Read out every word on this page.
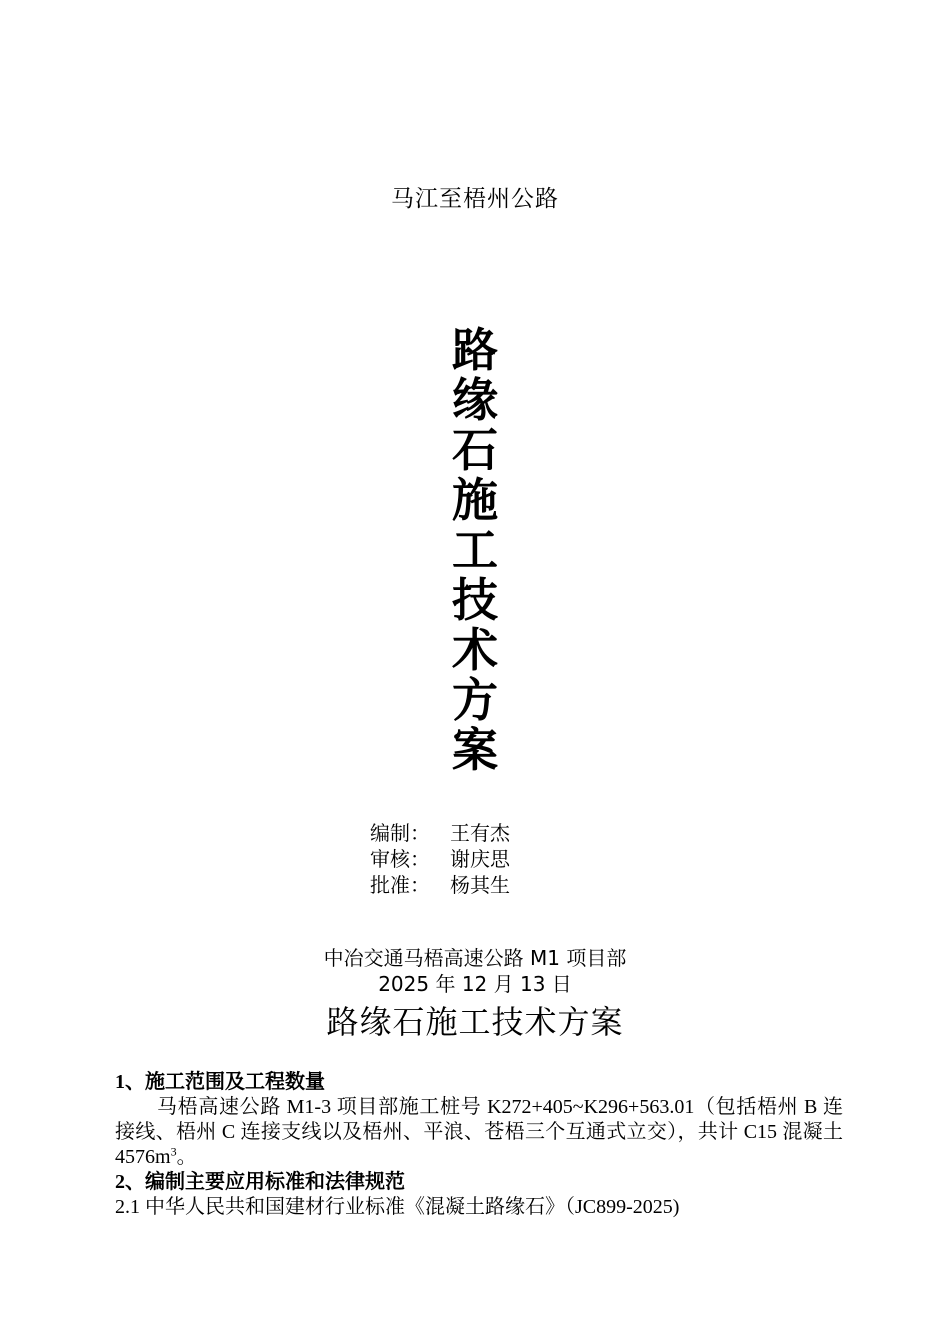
马江至梧州公路
路
缘
石
施
工
技
术
方
案
编制：	王有杰
审核：	谢庆思
批准：	杨其生
中冶交通马梧高速公路 M1 项目部
2025 年 12 月 13 日
路缘石施工技术方案
1、施工范围及工程数量
马梧高速公路 M1-3 项目部施工桩号 K272+405~K296+563.01（包括梧州 B 连接线、梧州 C 连接支线以及梧州、平浪、苍梧三个互通式立交），共计 C15 混凝土 $4576m^3$。
2、编制主要应用标准和法律规范
2.1 中华人民共和国建材行业标准《混凝土路缘石》（JC899-2025)
